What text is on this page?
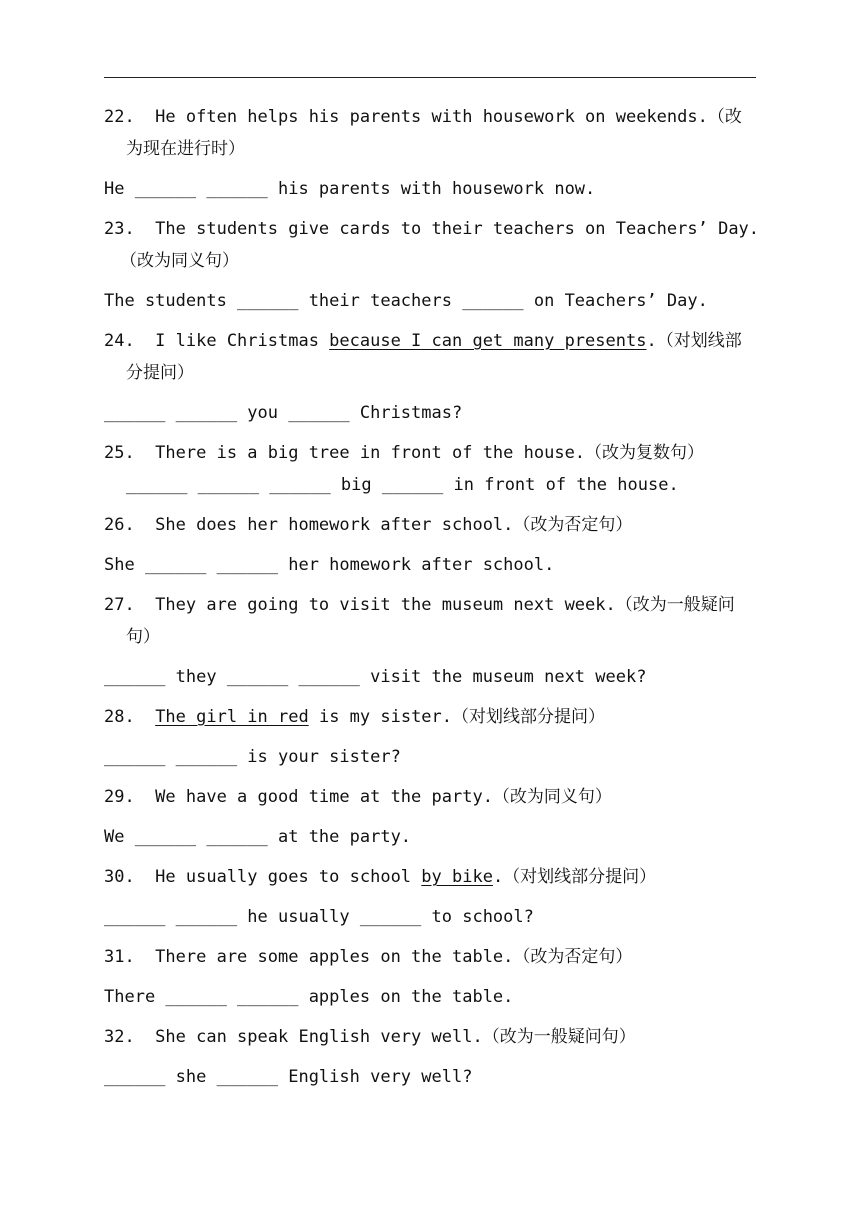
22.  He often helps his parents with housework on weekends.（改
为现在进行时）
He ______ ______ his parents with housework now.
23.  The students give cards to their teachers on Teachers’ Day.
（改为同义句）
The students ______ their teachers ______ on Teachers’ Day.
24.  I like Christmas because I can get many presents.（对划线部
分提问）
______ ______ you ______ Christmas?
25.  There is a big tree in front of the house.（改为复数句）
______ ______ ______ big ______ in front of the house.
26.  She does her homework after school.（改为否定句）
She ______ ______ her homework after school.
27.  They are going to visit the museum next week.（改为一般疑问
句）
______ they ______ ______ visit the museum next week?
28.  The girl in red is my sister.（对划线部分提问）
______ ______ is your sister?
29.  We have a good time at the party.（改为同义句）
We ______ ______ at the party.
30.  He usually goes to school by bike.（对划线部分提问）
______ ______ he usually ______ to school?
31.  There are some apples on the table.（改为否定句）
There ______ ______ apples on the table.
32.  She can speak English very well.（改为一般疑问句）
______ she ______ English very well?
